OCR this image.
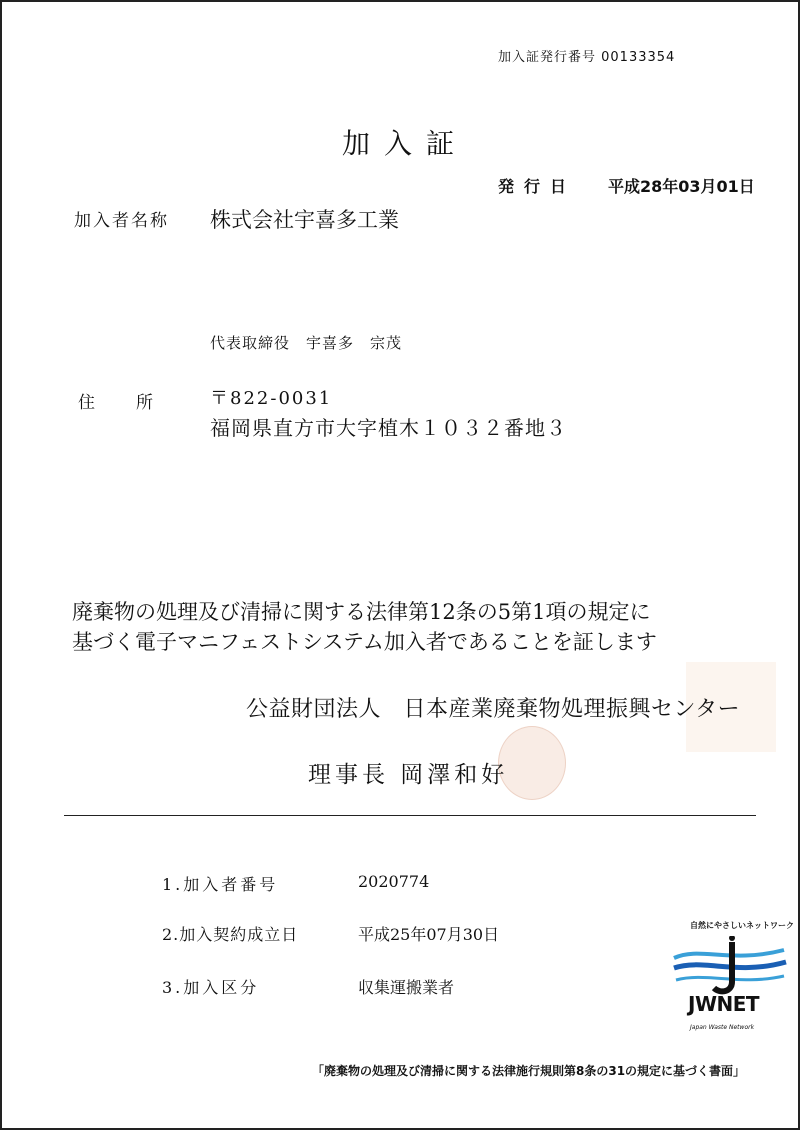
加入証発行番号 00133354
加入証
発行日 平成28年03月01日
加入者名称 株式会社宇喜多工業
代表取締役　宇喜多　宗茂
住 所	〒822-0031
福岡県直方市大字植木１０３２番地３
廃棄物の処理及び清掃に関する法律第12条の5第1項の規定に
基づく電子マニフェストシステム加入者であることを証します
公益財団法人　日本産業廃棄物処理振興センター
理事長 岡澤和好
1.加入者番号	2020774
2.加入契約成立日	平成25年07月30日
3.加入区分	収集運搬業者
自然にやさしいネットワーク
JWNET
Japan Waste Network
「廃棄物の処理及び清掃に関する法律施行規則第8条の31の規定に基づく書面」
